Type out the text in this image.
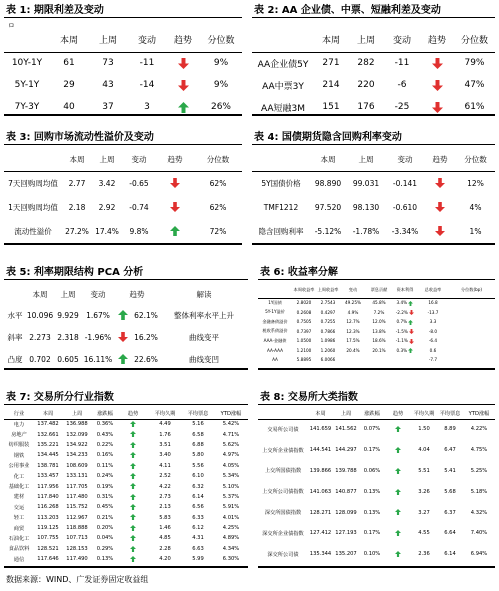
表 1: 期限利差及变动
ㅁ
	本周	上周	变动	趋势	分位数
10Y-1Y	61	73	-11		9%
5Y-1Y	29	43	-14		9%
7Y-3Y	40	37	3		26%
表 2: AA 企业债、中票、短融利差及变动
	本周	上周	变动	趋势	分位数
AA企业债5Y	271	282	-11		79%
AA中票3Y	214	220	-6		47%
AA短融3M	151	176	-25		61%
表 3: 回购市场流动性溢价及变动
	本周	上周	变动	趋势	分位数
7天回购周均值	2.77	3.42	-0.65		62%
1天回购周均值	2.18	2.92	-0.74		62%
流动性溢价	27.2%	17.4%	9.8%		72%
表 4: 国债期货隐含回购利率变动
	本周	上周	变动	趋势	分位数
5Y国债价格	98.890	99.031	-0.141		12%
TMF1212	97.520	98.130	-0.610		4%
隐含回购利率	-5.12%	-1.78%	-3.34%		1%
表 5: 利率期限结构 PCA 分析
	本周	上周	变动	趋势		解读
水平	10.096	9.929	1.67%		62.1%	整体利率水平上升
斜率	2.273	2.318	-1.96%		16.2%	曲线变平
凸度	0.702	0.605	16.11%		22.6%	曲线变凹
表 6: 收益率分解
	本周收益率	上周收益率	变动	票息贡献	资本利得	总收益率	分位数(bp)
1Y国债	2.8020	2.7543	49.25%	45.8%	3.4%	16.8	
5Y-1Y溢价	0.2608	0.4297	4.9%	7.2%	-2.2%	-13.7	
金融备债溢价	0.7505	0.7255	12.7%	12.0%	0.7%	3.3	
税收系债溢价	0.7397	0.7866	12.3%	13.8%	-1.5%	-8.0	
AAA-金融债	1.0500	1.0986	17.5%	18.6%	-1.1%	-6.4	
AA-AAA	1.2100	1.2060	20.4%	20.1%	0.3%	0.6	
AA	5.8895	6.0066				-7.7	
表 7: 交易所分行业指数
行业	本周	上周	涨跌幅	趋势	平均久期	平均票息	YTD涨幅
电力	137.482	136.988	0.36%		4.49	5.16	5.42%
房地产	132.661	132.099	0.43%		1.76	6.58	4.71%
纺织服装	135.221	134.922	0.22%		3.51	6.88	5.62%
钢铁	134.445	134.233	0.16%		3.40	5.80	4.97%
公用事业	138.781	108.609	0.11%		4.11	5.56	4.05%
化工	133.457	133.131	0.24%		2.52	6.10	5.34%
基础化工	117.956	117.705	0.19%		4.22	6.32	5.10%
建材	117.840	117.480	0.31%		2.73	6.14	5.37%
交运	116.268	115.752	0.45%		2.13	6.56	5.91%
轻工	113.203	112.967	0.21%		5.83	6.33	4.01%
商贸	119.125	118.888	0.20%		1.46	6.12	4.25%
石油化工	107.755	107.713	0.04%		4.85	4.31	4.89%
食品饮料	128.521	128.153	0.29%		2.28	6.63	4.34%
通信	117.646	117.490	0.13%		4.20	5.99	6.30%
表 8: 交易所大类指数
	本周	上周	涨跌幅	趋势	平均久期	平均票息	YTD涨幅
交易所公司债	141.659	141.562	0.07%		1.50	8.89	4.22%
上交所企业债指数	144.541	144.297	0.17%		4.04	6.47	4.75%
上交所国债指数	139.866	139.788	0.06%		5.51	5.41	5.25%
上交所公司债指数	141.063	140.877	0.13%		3.26	5.68	5.18%
深交所国债指数	128.271	128.099	0.13%		3.27	6.37	4.32%
深交所企业债指数	127.412	127.193	0.17%		4.55	6.64	7.40%
深交所公司债	135.344	135.207	0.10%		2.36	6.14	6.94%
数据来源：WIND、广发证券固定收益组
